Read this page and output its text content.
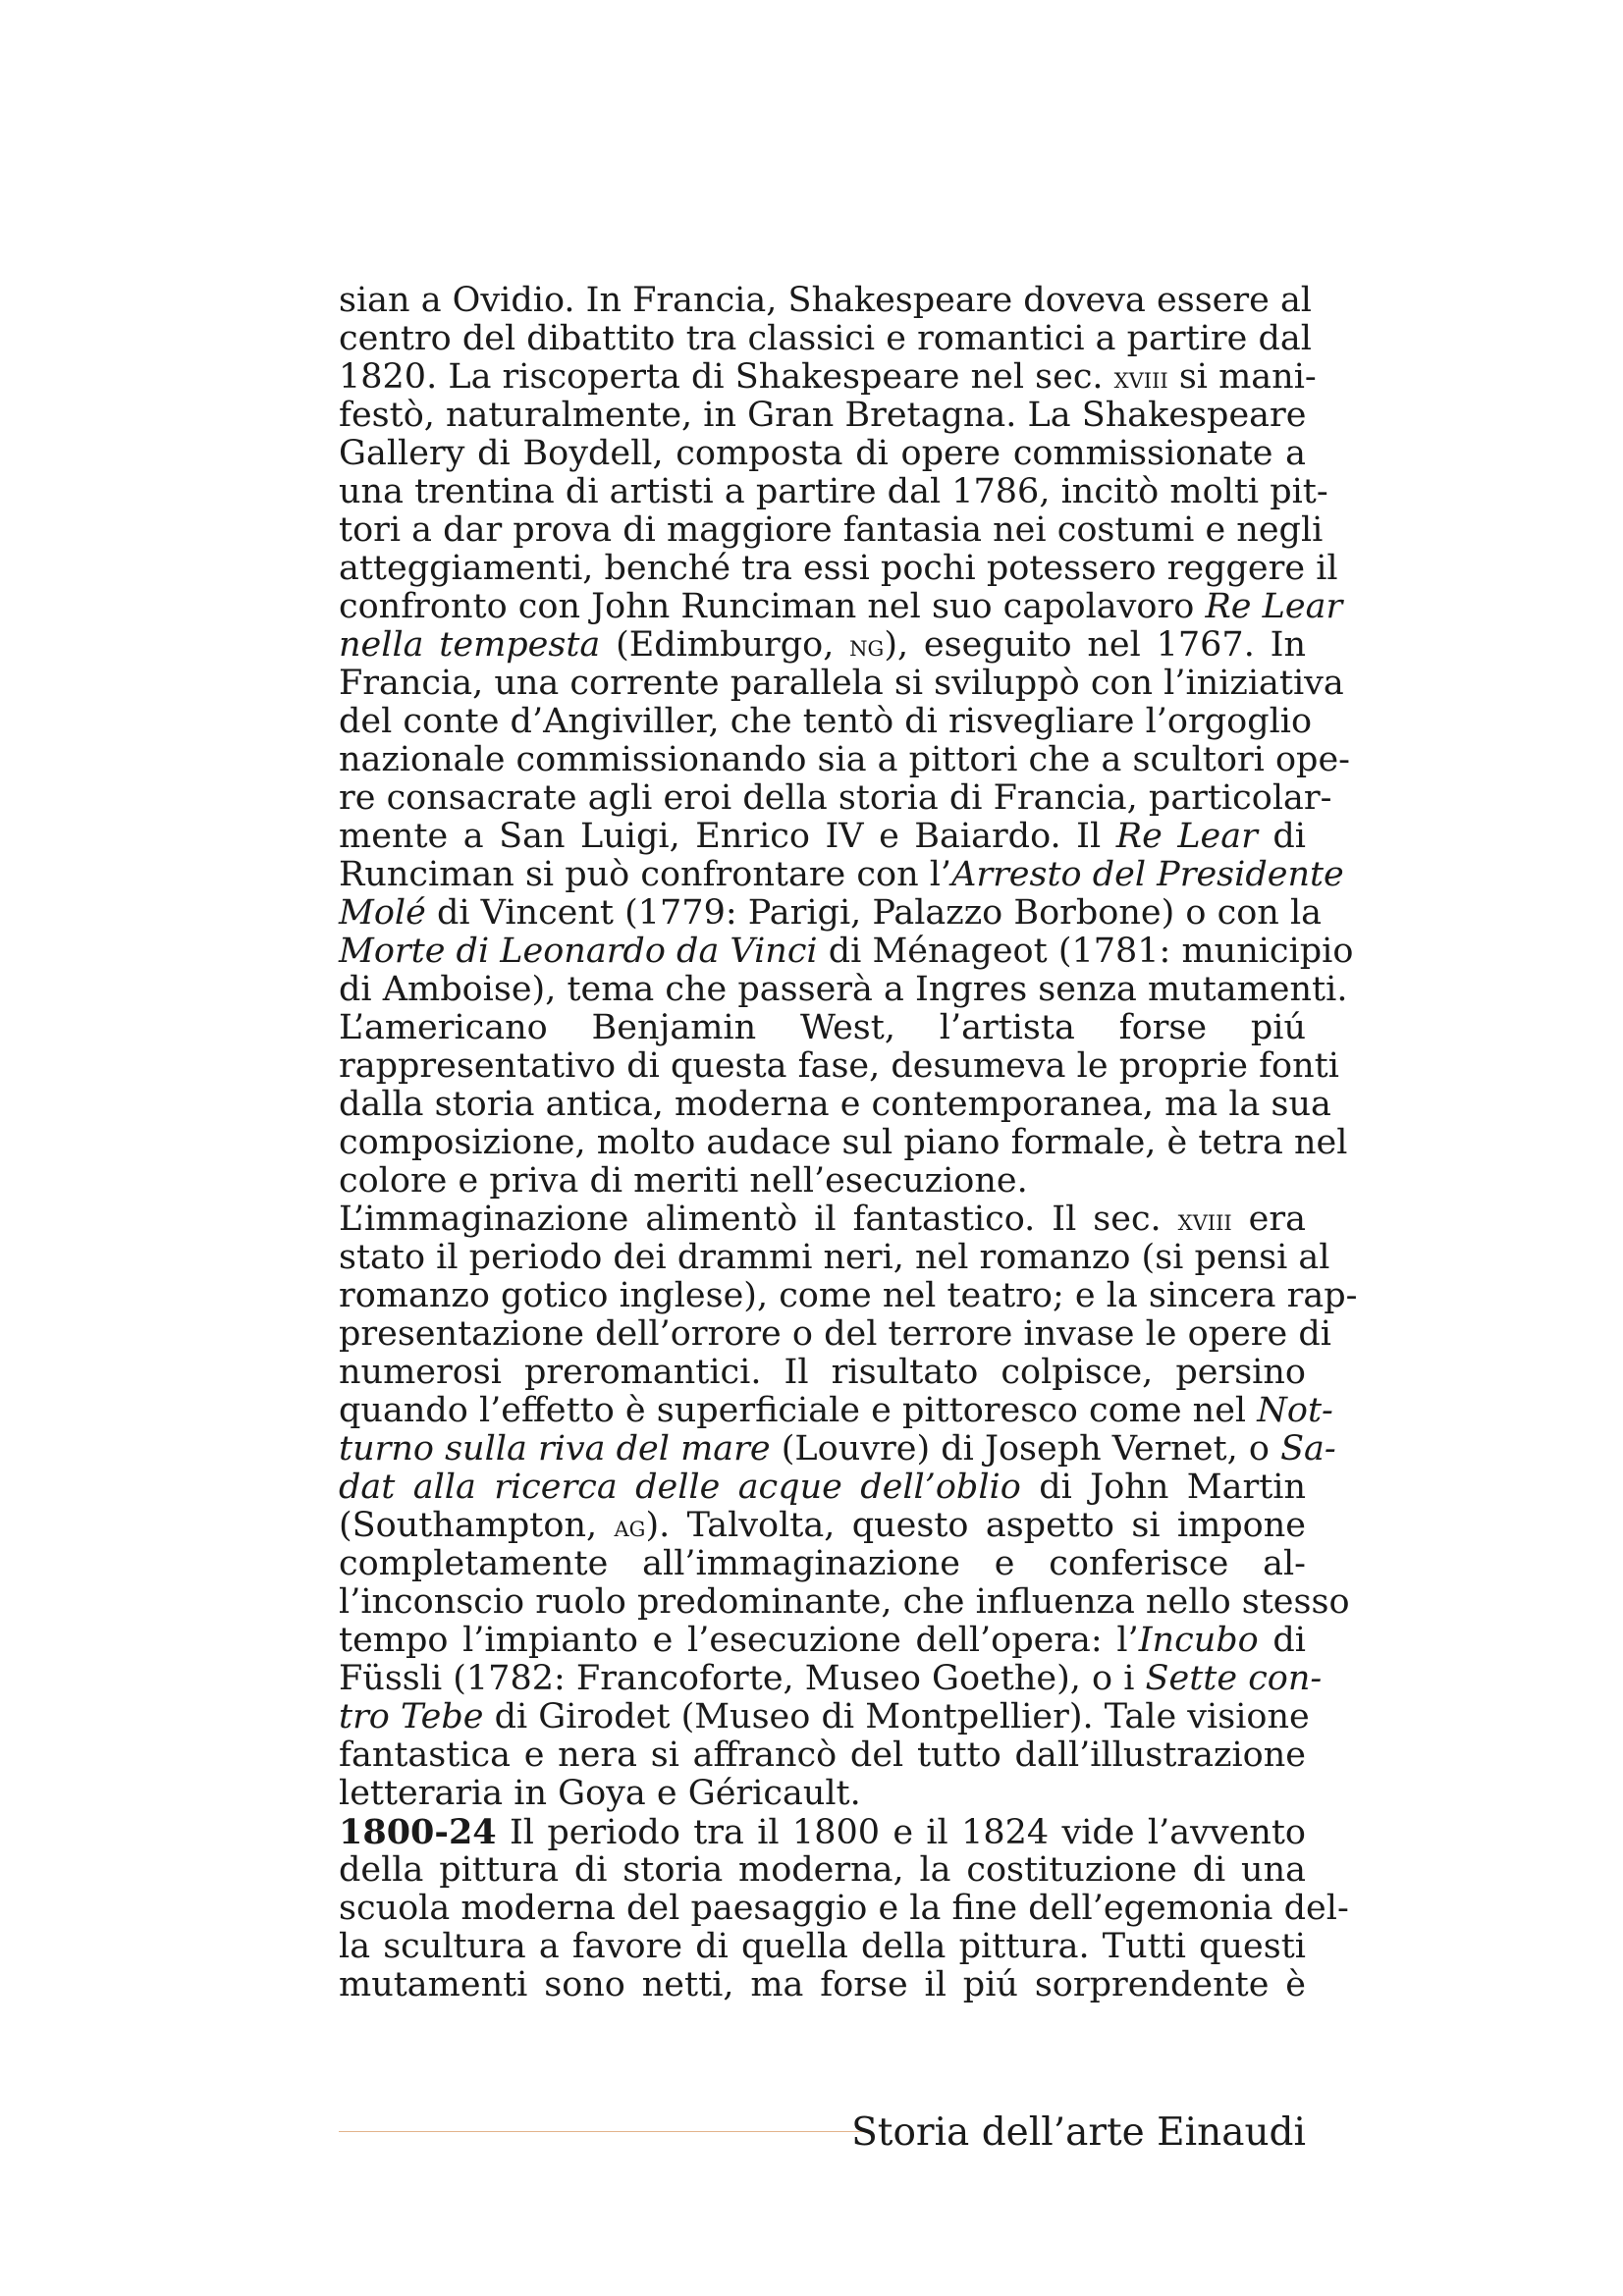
sian a Ovidio. In Francia, Shakespeare doveva essere al
centro del dibattito tra classici e romantici a partire dal
1820. La riscoperta di Shakespeare nel sec. xviii si mani-
festò, naturalmente, in Gran Bretagna. La Shakespeare
Gallery di Boydell, composta di opere commissionate a
una trentina di artisti a partire dal 1786, incitò molti pit-
tori a dar prova di maggiore fantasia nei costumi e negli
atteggiamenti, benché tra essi pochi potessero reggere il
confronto con John Runciman nel suo capolavoro Re Lear
nella tempesta (Edimburgo, ng), eseguito nel 1767. In
Francia, una corrente parallela si sviluppò con l’iniziativa
del conte d’Angiviller, che tentò di risvegliare l’orgoglio
nazionale commissionando sia a pittori che a scultori ope-
re consacrate agli eroi della storia di Francia, particolar-
mente a San Luigi, Enrico IV e Baiardo. Il Re Lear di
Runciman si può confrontare con l’Arresto del Presidente
Molé di Vincent (1779: Parigi, Palazzo Borbone) o con la
Morte di Leonardo da Vinci di Ménageot (1781: municipio
di Amboise), tema che passerà a Ingres senza mutamenti.
L’americano Benjamin West, l’artista forse piú
rappresentativo di questa fase, desumeva le proprie fonti
dalla storia antica, moderna e contemporanea, ma la sua
composizione, molto audace sul piano formale, è tetra nel
colore e priva di meriti nell’esecuzione.
L’immaginazione alimentò il fantastico. Il sec. xviii era
stato il periodo dei drammi neri, nel romanzo (si pensi al
romanzo gotico inglese), come nel teatro; e la sincera rap-
presentazione dell’orrore o del terrore invase le opere di
numerosi preromantici. Il risultato colpisce, persino
quando l’effetto è superficiale e pittoresco come nel Not-
turno sulla riva del mare (Louvre) di Joseph Vernet, o Sa-
dat alla ricerca delle acque dell’oblio di John Martin
(Southampton, ag). Talvolta, questo aspetto si impone
completamente all’immaginazione e conferisce al-
l’inconscio ruolo predominante, che influenza nello stesso
tempo l’impianto e l’esecuzione dell’opera: l’Incubo di
Füssli (1782: Francoforte, Museo Goethe), o i Sette con-
tro Tebe di Girodet (Museo di Montpellier). Tale visione
fantastica e nera si affrancò del tutto dall’illustrazione
letteraria in Goya e Géricault.
1800-24 Il periodo tra il 1800 e il 1824 vide l’avvento
della pittura di storia moderna, la costituzione di una
scuola moderna del paesaggio e la fine dell’egemonia del-
la scultura a favore di quella della pittura. Tutti questi
mutamenti sono netti, ma forse il piú sorprendente è
Storia dell’arte Einaudi
